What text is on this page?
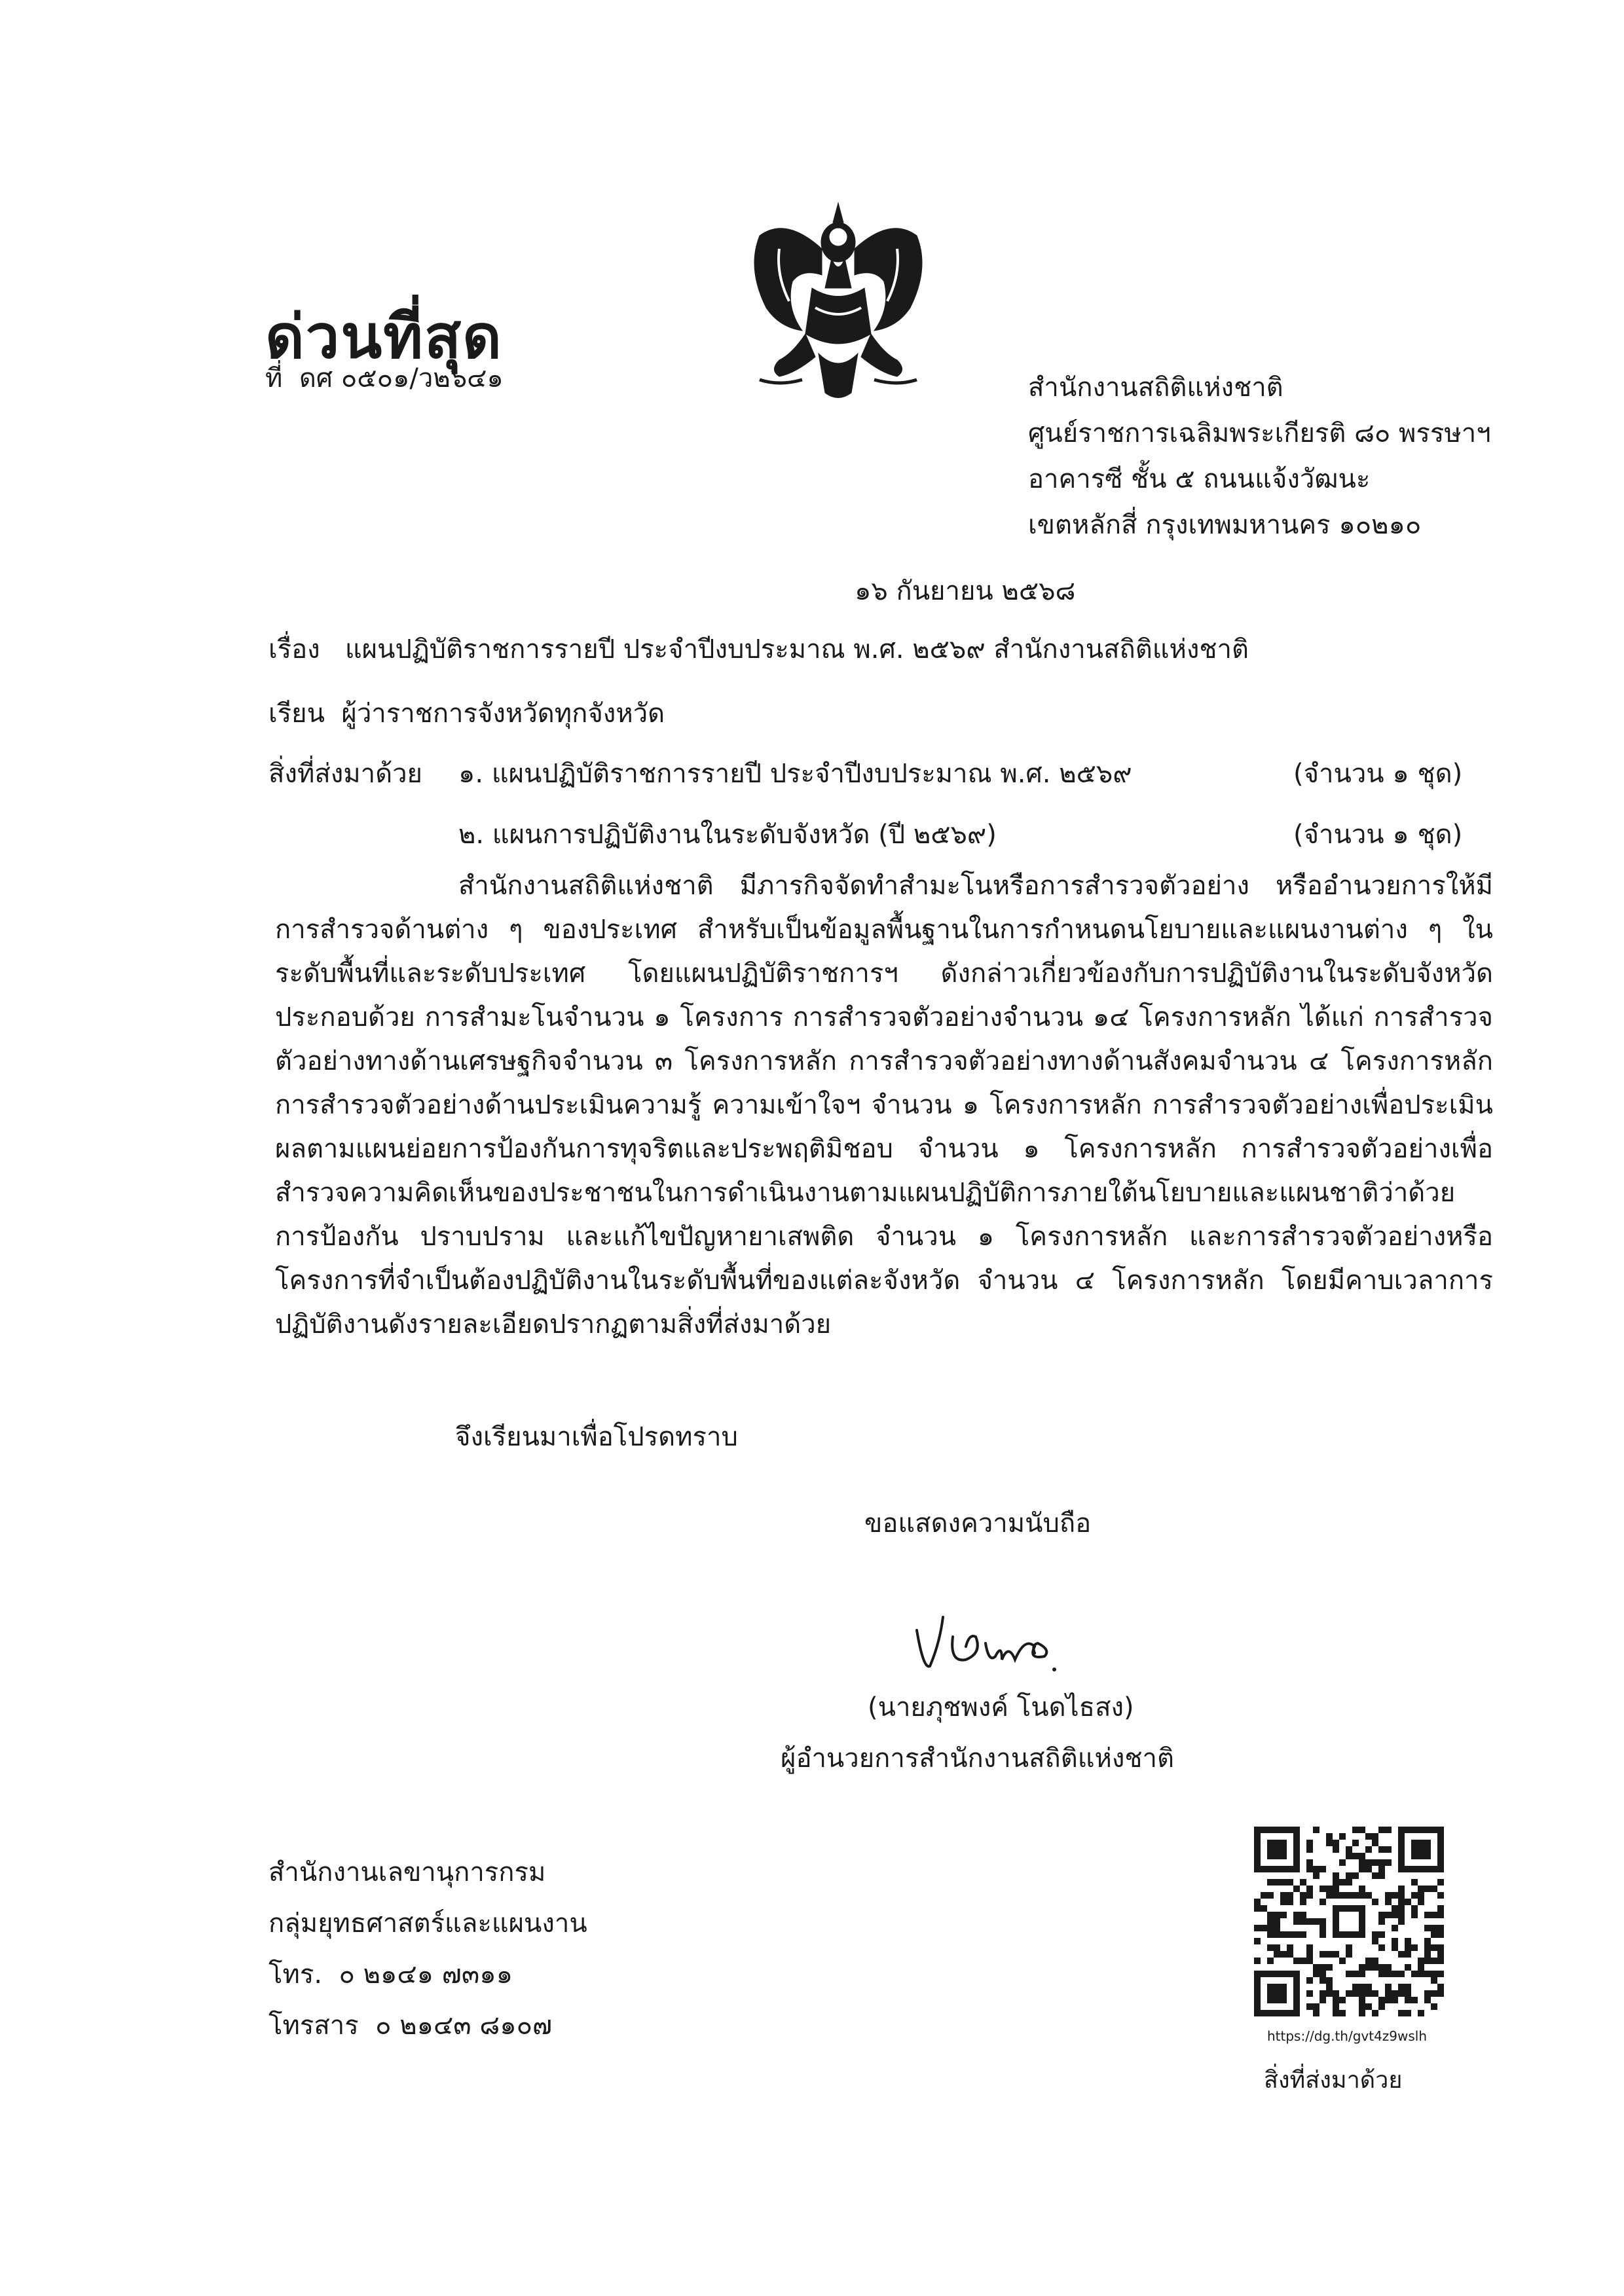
ด่วนที่สุด
ที่ ดศ ๐๕๐๑/ว๒๖๔๑	สำนักงานสถิติแห่งชาติ
ศูนย์ราชการเฉลิมพระเกียรติ ๘๐ พรรษาฯ
อาคารซี ชั้น ๕ ถนนแจ้งวัฒนะ
เขตหลักสี่ กรุงเทพมหานคร ๑๐๒๑๐
๑๖ กันยายน ๒๕๖๘
เรื่อง แผนปฏิบัติราชการรายปี ประจำปีงบประมาณ พ.ศ. ๒๕๖๙ สำนักงานสถิติแห่งชาติ
เรียน ผู้ว่าราชการจังหวัดทุกจังหวัด
สิ่งที่ส่งมาด้วย ๑. แผนปฏิบัติราชการรายปี ประจำปีงบประมาณ พ.ศ. ๒๕๖๙	(จำนวน ๑ ชุด)
๒. แผนการปฏิบัติงานในระดับจังหวัด (ปี ๒๕๖๙)	(จำนวน ๑ ชุด)
สำนักงานสถิติแห่งชาติ มีภารกิจจัดทำสำมะโนหรือการสำรวจตัวอย่าง หรืออำนวยการให้มีการสำรวจด้านต่าง ๆ ของประเทศ สำหรับเป็นข้อมูลพื้นฐานในการกำหนดนโยบายและแผนงานต่าง ๆ ในระดับพื้นที่และระดับประเทศ โดยแผนปฏิบัติราชการฯ ดังกล่าวเกี่ยวข้องกับการปฏิบัติงานในระดับจังหวัด ประกอบด้วย การสำมะโนจำนวน ๑ โครงการ การสำรวจตัวอย่างจำนวน ๑๔ โครงการหลัก ได้แก่ การสำรวจตัวอย่างทางด้านเศรษฐกิจจำนวน ๓ โครงการหลัก การสำรวจตัวอย่างทางด้านสังคมจำนวน ๔ โครงการหลัก การสำรวจตัวอย่างด้านประเมินความรู้ ความเข้าใจฯ จำนวน ๑ โครงการหลัก การสำรวจตัวอย่างเพื่อประเมินผลตามแผนย่อยการป้องกันการทุจริตและประพฤติมิชอบ จำนวน ๑ โครงการหลัก การสำรวจตัวอย่างเพื่อสำรวจความคิดเห็นของประชาชนในการดำเนินงานตามแผนปฏิบัติการภายใต้นโยบายและแผนชาติว่าด้วยการป้องกัน ปราบปราม และแก้ไขปัญหายาเสพติด จำนวน ๑ โครงการหลัก และการสำรวจตัวอย่างหรือโครงการที่จำเป็นต้องปฏิบัติงานในระดับพื้นที่ของแต่ละจังหวัด จำนวน ๔ โครงการหลัก โดยมีคาบเวลาการปฏิบัติงานดังรายละเอียดปรากฏตามสิ่งที่ส่งมาด้วย
จึงเรียนมาเพื่อโปรดทราบ
ขอแสดงความนับถือ
(นายภุชพงค์ โนดไธสง)
ผู้อำนวยการสำนักงานสถิติแห่งชาติ
สำนักงานเลขานุการกรม
กลุ่มยุทธศาสตร์และแผนงาน
โทร. ๐ ๒๑๔๑ ๗๓๑๑
โทรสาร ๐ ๒๑๔๓ ๘๑๐๗	https://dg.th/gvt4z9wslh
สิ่งที่ส่งมาด้วย
